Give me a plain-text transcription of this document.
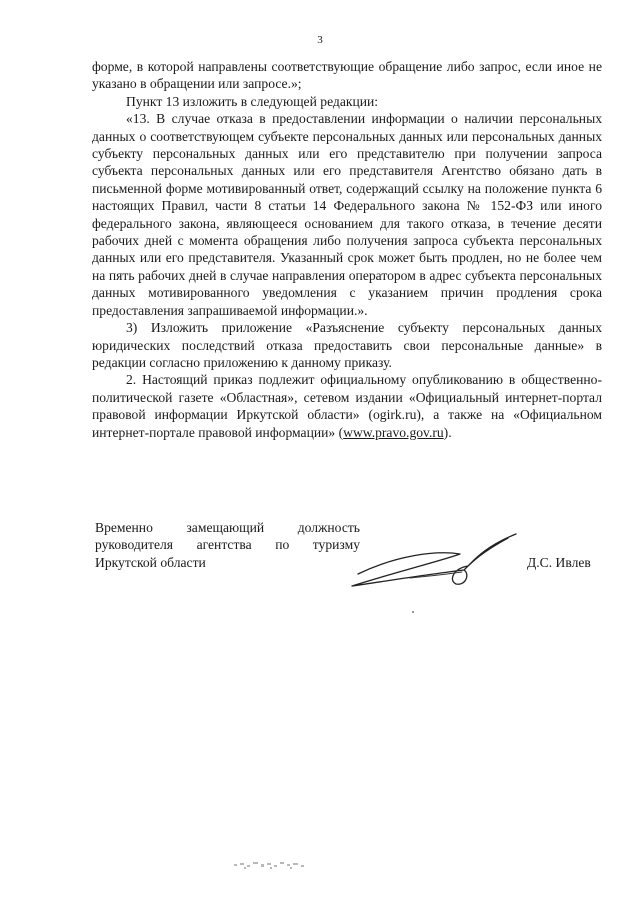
3

форме, в которой направлены соответствующие обращение либо запрос, если иное не указано в обращении или запросе.»;

Пункт 13 изложить в следующей редакции:

«13. В случае отказа в предоставлении информации о наличии персональных данных о соответствующем субъекте персональных данных или персональных данных субъекту персональных данных или его представителю при получении запроса субъекта персональных данных или его представителя Агентство обязано дать в письменной форме мотивированный ответ, содержащий ссылку на положение пункта 6 настоящих Правил, части 8 статьи 14 Федерального закона № 152-ФЗ или иного федерального закона, являющееся основанием для такого отказа, в течение десяти рабочих дней с момента обращения либо получения запроса субъекта персональных данных или его представителя. Указанный срок может быть продлен, но не более чем на пять рабочих дней в случае направления оператором в адрес субъекта персональных данных мотивированного уведомления с указанием причин продления срока предоставления запрашиваемой информации.».

3) Изложить приложение «Разъяснение субъекту персональных данных юридических последствий отказа предоставить свои персональные данные» в редакции согласно приложению к данному приказу.

2. Настоящий приказ подлежит официальному опубликованию в общественно-политической газете «Областная», сетевом издании «Официальный интернет-портал правовой информации Иркутской области» (ogirk.ru), а также на «Официальном интернет-портале правовой информации» (www.pravo.gov.ru).

Временно замещающий должность
руководителя агентства по туризму
Иркутской области	Д.С. Ивлев
